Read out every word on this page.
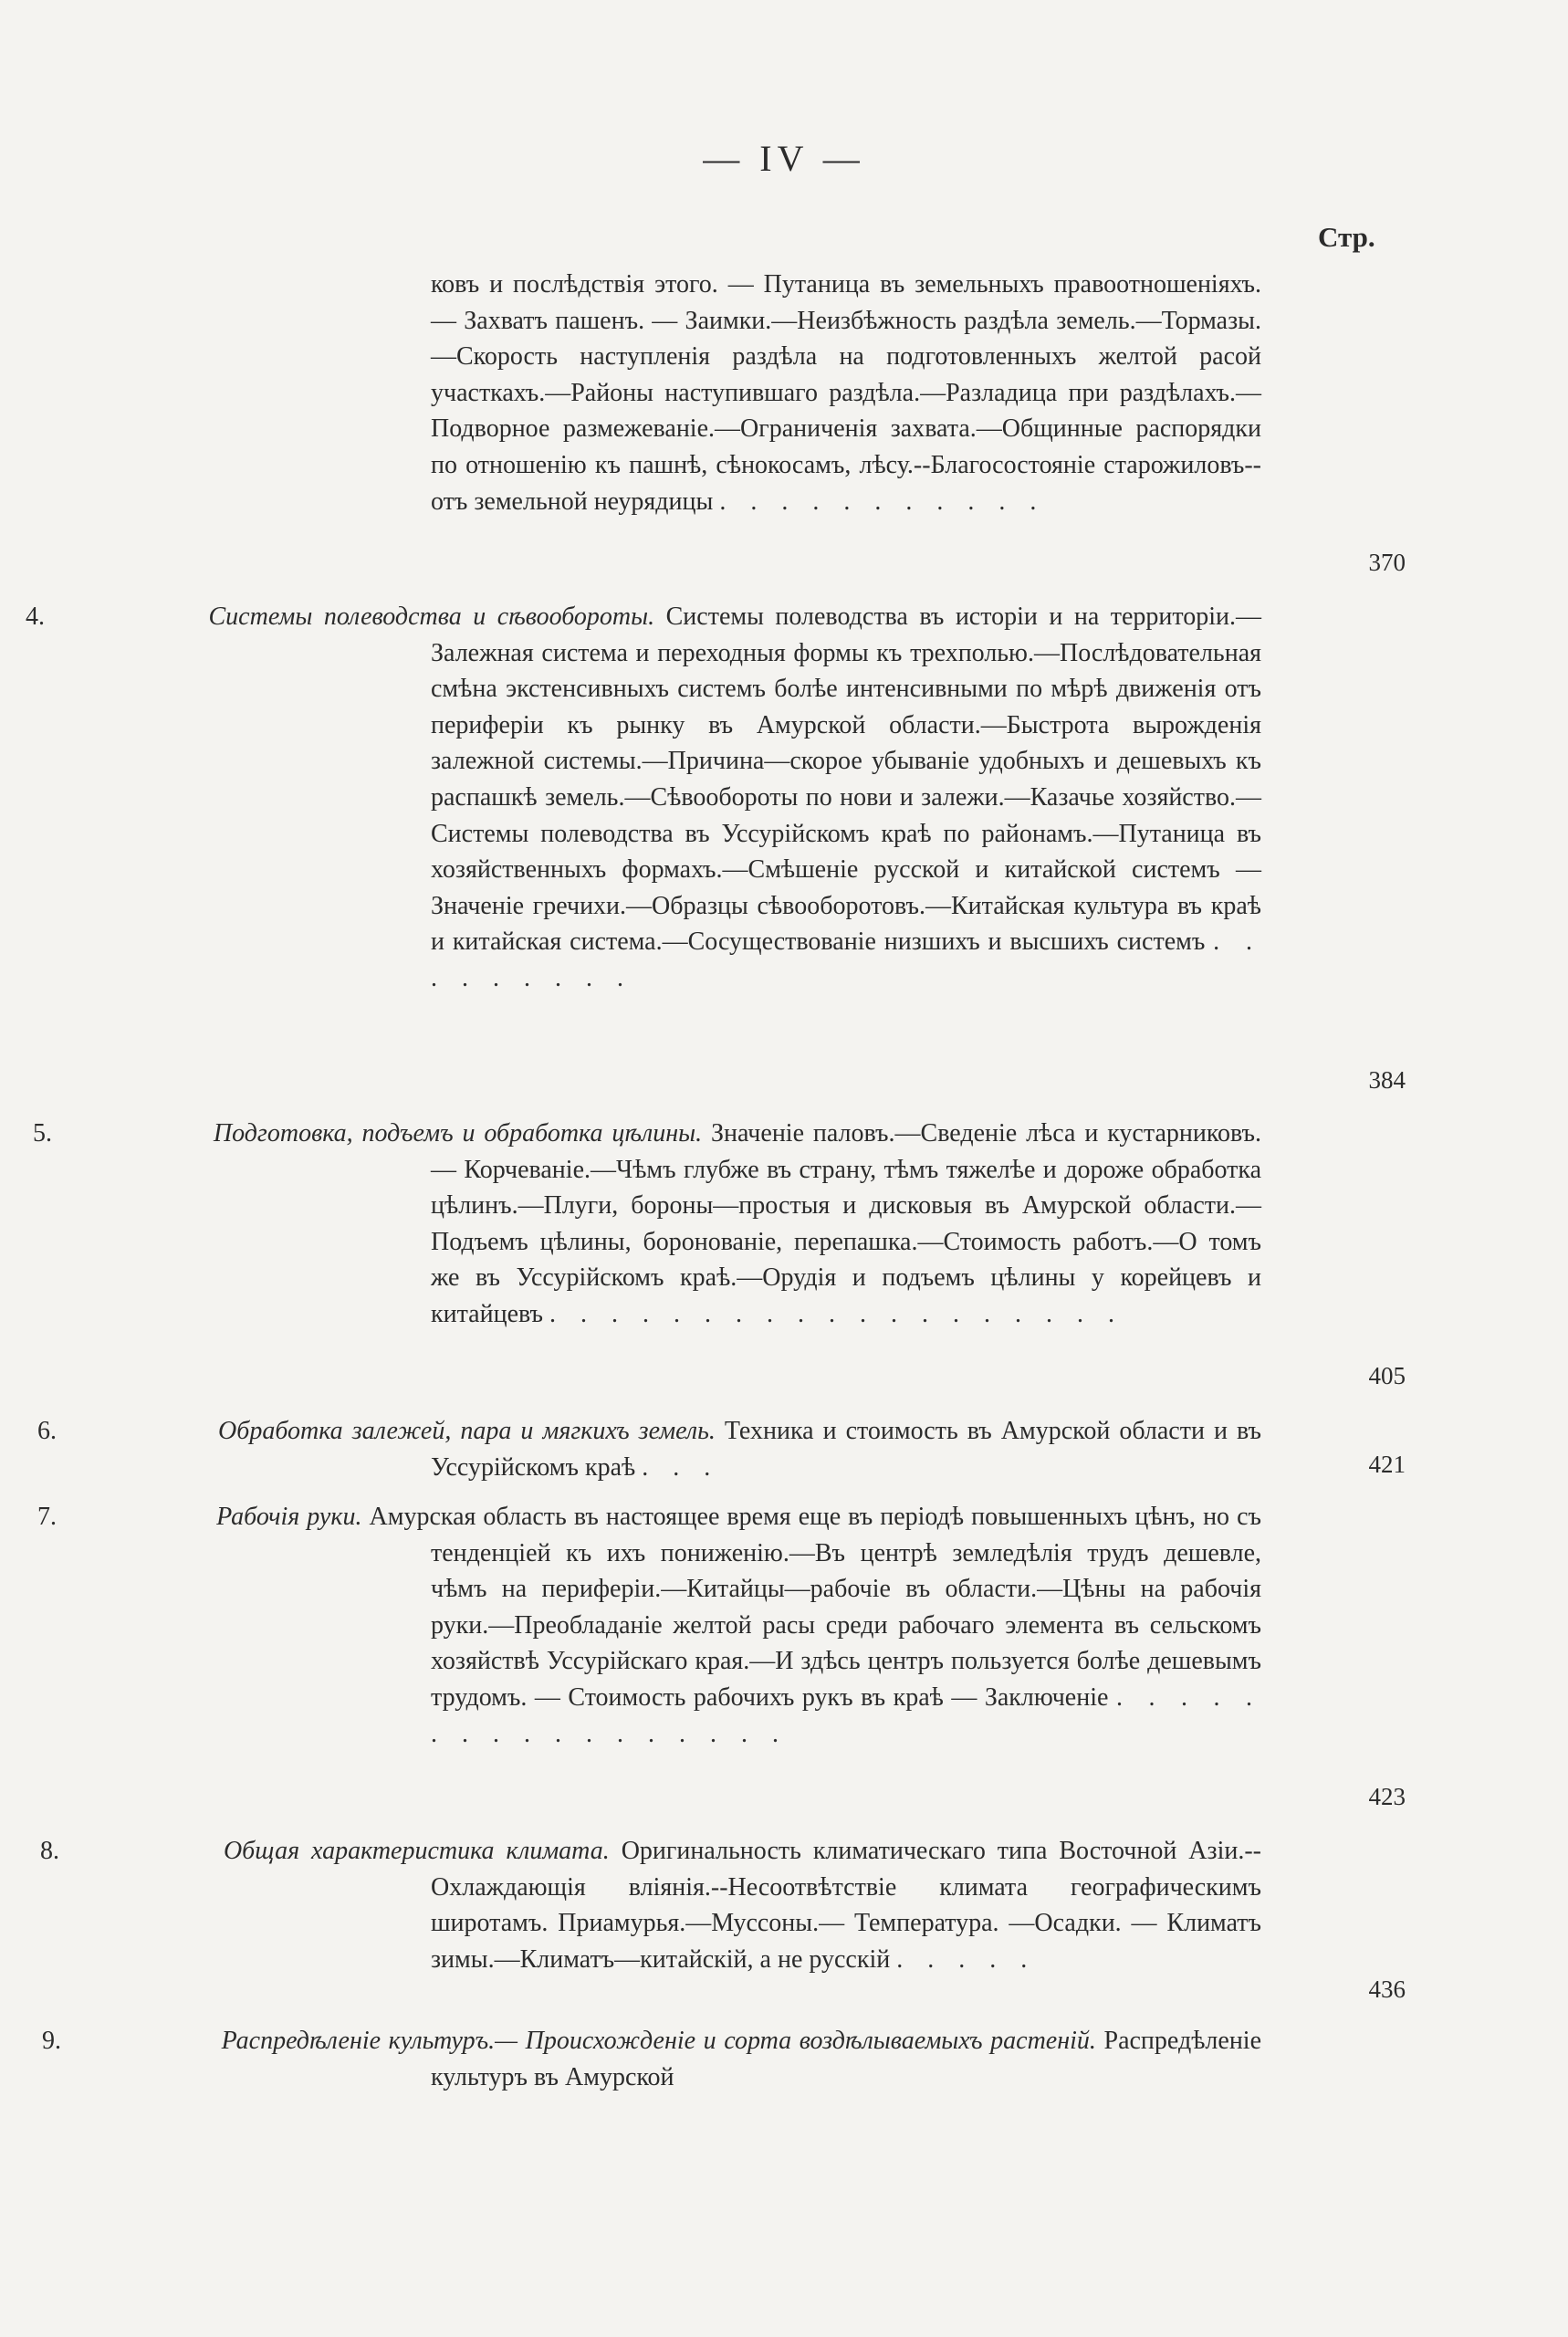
— IV —
Стр.
ковъ и послѣдствія этого. — Путаница въ земельныхъ правоотношеніяхъ. — Захватъ пашенъ. — Заимки.—Неизбѣжность раздѣла земель.—Тормазы.—Скорость наступленія раздѣла на подготовленныхъ желтой расой участкахъ.—Районы наступившаго раздѣла.—Разладица при раздѣлахъ.—Подворное размежеваніе.—Ограниченія захвата.—Общинные распорядки по отношенію къ пашнѣ, сѣнокосамъ, лѣсу.--Благосостояніе старожиловъ--отъ земельной неурядицы . . . . . . . . . . .
370
4.	Системы полеводства и сѣвообороты. Системы полеводства въ исторіи и на территоріи.—Залежная система и переходныя формы къ трехполью.—Послѣдовательная смѣна экстенсивныхъ системъ болѣе интенсивными по мѣрѣ движенія отъ периферіи къ рынку въ Амурской области.—Быстрота вырожденія залежной системы.—Причина—скорое убываніе удобныхъ и дешевыхъ къ распашкѣ земель.—Сѣвообороты по нови и залежи.—Казачье хозяйство.—Системы полеводства въ Уссурійскомъ краѣ по районамъ.—Путаница въ хозяйственныхъ формахъ.—Смѣшеніе русской и китайской системъ — Значеніе гречихи.—Образцы сѣвооборотовъ.—Китайская культура въ краѣ и китайская система.—Сосуществованіе низшихъ и высшихъ системъ . . . . . . . . .
384
5.	Подготовка, подъемъ и обработка цѣлины. Значеніе паловъ.—Сведеніе лѣса и кустарниковъ. — Корчеваніе.—Чѣмъ глубже въ страну, тѣмъ тяжелѣе и дороже обработка цѣлинъ.—Плуги, бороны—простыя и дисковыя въ Амурской области.—Подъемъ цѣлины, боронованіе, перепашка.—Стоимость работъ.—О томъ же въ Уссурійскомъ краѣ.—Орудія и подъемъ цѣлины у корейцевъ и китайцевъ . . . . . . . . . . . . . . . . . . .
405
6.	Обработка залежей, пара и мягкихъ земель. Техника и стоимость въ Амурской области и въ Уссурійскомъ краѣ . . .	421
7.	Рабочія руки. Амурская область въ настоящее время еще въ періодѣ повышенныхъ цѣнъ, но съ тенденціей къ ихъ пониженію.—Въ центрѣ земледѣлія трудъ дешевле, чѣмъ на периферіи.—Китайцы—рабочіе въ области.—Цѣны на рабочія руки.—Преобладаніе желтой расы среди рабочаго элемента въ сельскомъ хозяйствѣ Уссурійскаго края.—И здѣсь центръ пользуется болѣе дешевымъ трудомъ. — Стоимость рабочихъ рукъ въ краѣ — Заключеніе . . . . . . . . . . . . . . . . .
423
8.	Общая характеристика климата. Оригинальность климатическаго типа Восточной Азіи.--Охлаждающія вліянія.--Несоотвѣтствіе климата географическимъ широтамъ. Приамурья.—Муссоны.— Температура. —Осадки. — Климатъ зимы.—Климатъ—китайскій, а не русскій . . . . .
436
9.	Распредѣленіе культуръ.— Происхожденіе и сорта воздѣлываемыхъ растеній. Распредѣленіе культуръ въ Амурской
